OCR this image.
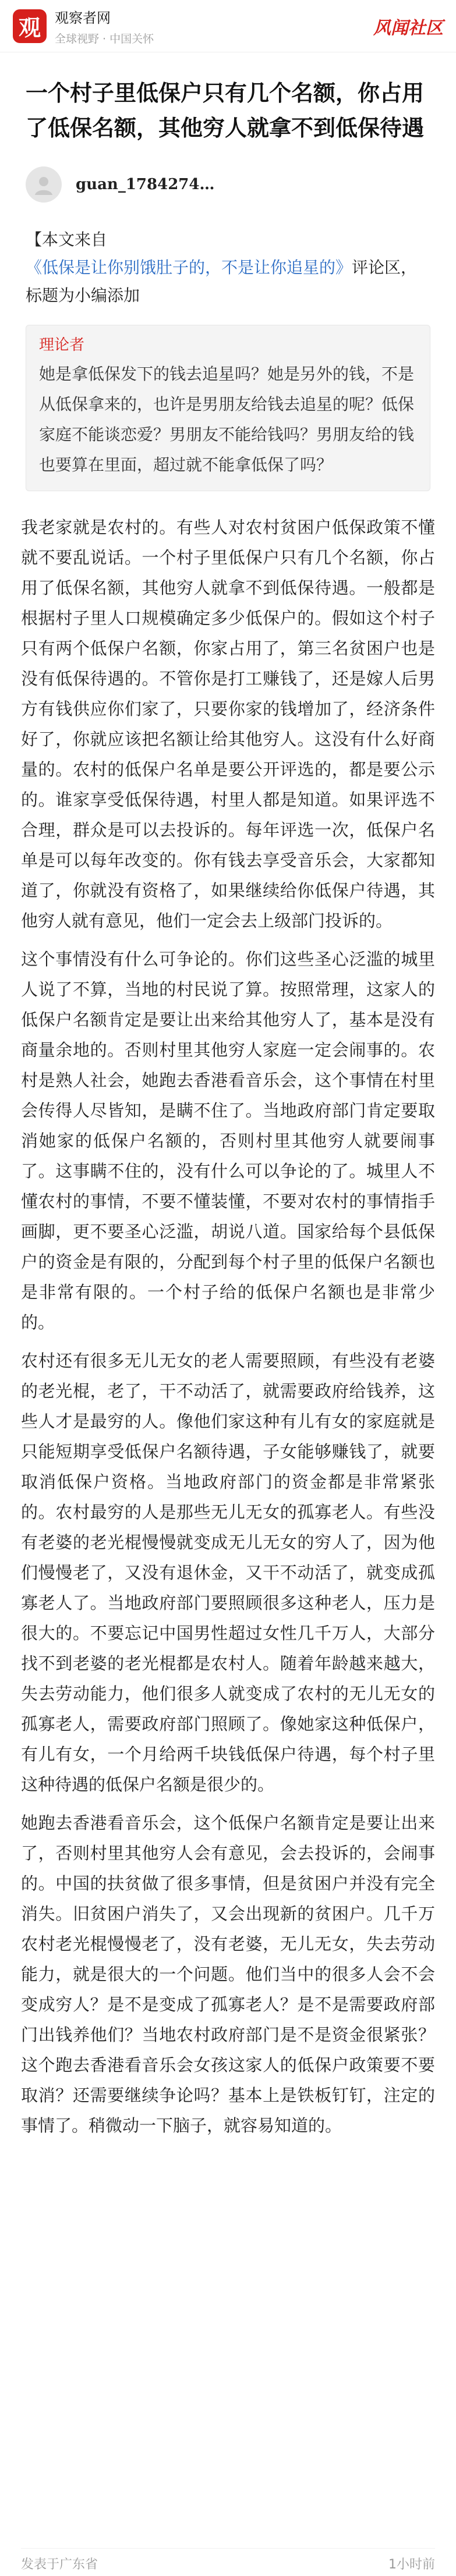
观	观察者网
全球视野 · 中国关怀
风闻社区
一个村子里低保户只有几个名额，你占用了低保名额，其他穷人就拿不到低保待遇
guan_1784274…
【本文来自《低保是让你别饿肚子的，不是让你追星的》评论区，标题为小编添加
理论者
她是拿低保发下的钱去追星吗？她是另外的钱，不是从低保拿来的，也许是男朋友给钱去追星的呢？低保家庭不能谈恋爱？男朋友不能给钱吗？男朋友给的钱也要算在里面，超过就不能拿低保了吗？

我老家就是农村的。有些人对农村贫困户低保政策不懂就不要乱说话。一个村子里低保户只有几个名额，你占用了低保名额，其他穷人就拿不到低保待遇。一般都是根据村子里人口规模确定多少低保户的。假如这个村子只有两个低保户名额，你家占用了，第三名贫困户也是没有低保待遇的。不管你是打工赚钱了，还是嫁人后男方有钱供应你们家了，只要你家的钱增加了，经济条件好了，你就应该把名额让给其他穷人。这没有什么好商量的。农村的低保户名单是要公开评选的，都是要公示的。谁家享受低保待遇，村里人都是知道。如果评选不合理，群众是可以去投诉的。每年评选一次，低保户名单是可以每年改变的。你有钱去享受音乐会，大家都知道了，你就没有资格了，如果继续给你低保户待遇，其他穷人就有意见，他们一定会去上级部门投诉的。

这个事情没有什么可争论的。你们这些圣心泛滥的城里人说了不算，当地的村民说了算。按照常理，这家人的低保户名额肯定是要让出来给其他穷人了，基本是没有商量余地的。否则村里其他穷人家庭一定会闹事的。农村是熟人社会，她跑去香港看音乐会，这个事情在村里会传得人尽皆知，是瞒不住了。当地政府部门肯定要取消她家的低保户名额的，否则村里其他穷人就要闹事了。这事瞒不住的，没有什么可以争论的了。城里人不懂农村的事情，不要不懂装懂，不要对农村的事情指手画脚，更不要圣心泛滥，胡说八道。国家给每个县低保户的资金是有限的，分配到每个村子里的低保户名额也是非常有限的。一个村子给的低保户名额也是非常少的。

农村还有很多无儿无女的老人需要照顾，有些没有老婆的老光棍，老了，干不动活了，就需要政府给钱养，这些人才是最穷的人。像他们家这种有儿有女的家庭就是只能短期享受低保户名额待遇，子女能够赚钱了，就要取消低保户资格。当地政府部门的资金都是非常紧张的。农村最穷的人是那些无儿无女的孤寡老人。有些没有老婆的老光棍慢慢就变成无儿无女的穷人了，因为他们慢慢老了，又没有退休金，又干不动活了，就变成孤寡老人了。当地政府部门要照顾很多这种老人，压力是很大的。不要忘记中国男性超过女性几千万人，大部分找不到老婆的老光棍都是农村人。随着年龄越来越大，失去劳动能力，他们很多人就变成了农村的无儿无女的孤寡老人，需要政府部门照顾了。像她家这种低保户，有儿有女，一个月给两千块钱低保户待遇，每个村子里这种待遇的低保户名额是很少的。

她跑去香港看音乐会，这个低保户名额肯定是要让出来了，否则村里其他穷人会有意见，会去投诉的，会闹事的。中国的扶贫做了很多事情，但是贫困户并没有完全消失。旧贫困户消失了，又会出现新的贫困户。几千万农村老光棍慢慢老了，没有老婆，无儿无女，失去劳动能力，就是很大的一个问题。他们当中的很多人会不会变成穷人？是不是变成了孤寡老人？是不是需要政府部门出钱养他们？当地农村政府部门是不是资金很紧张？这个跑去香港看音乐会女孩这家人的低保户政策要不要取消？还需要继续争论吗？基本上是铁板钉钉，注定的事情了。稍微动一下脑子，就容易知道的。

发表于广东省	1小时前
